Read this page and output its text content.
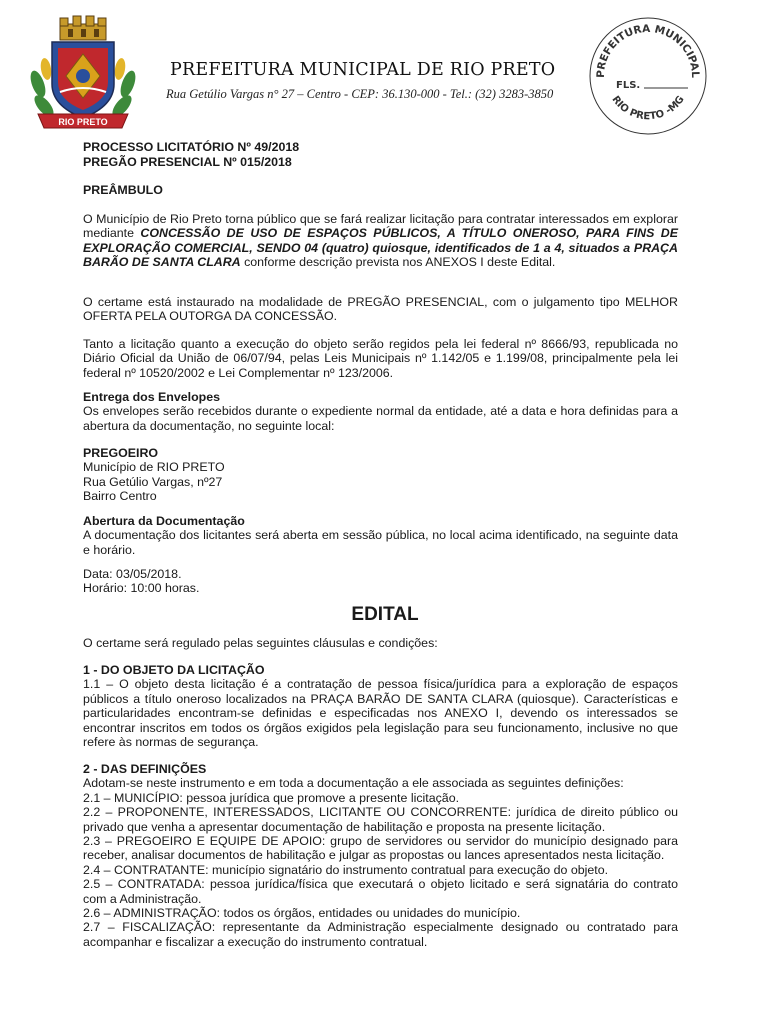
RIO PRETO
PREFEITURA MUNICIPAL DE RIO PRETO
Rua Getúlio Vargas n° 27 – Centro - CEP: 36.130-000 - Tel.: (32) 3283-3850
PREFEITURA MUNICIPAL
FLS.
RIO PRETO -MG
PROCESSO LICITATÓRIO Nº 49/2018
PREGÃO PRESENCIAL Nº 015/2018
PREÂMBULO

O Município de Rio Preto torna público que se fará realizar licitação para contratar interessados em explorar mediante CONCESSÃO DE USO DE ESPAÇOS PÚBLICOS, A TÍTULO ONEROSO, PARA FINS DE EXPLORAÇÃO COMERCIAL, SENDO 04 (quatro) quiosque, identificados de 1 a 4, situados a PRAÇA BARÃO DE SANTA CLARA conforme descrição prevista nos ANEXOS I deste Edital.

O certame está instaurado na modalidade de PREGÃO PRESENCIAL, com o julgamento tipo MELHOR OFERTA PELA OUTORGA DA CONCESSÃO.

Tanto a licitação quanto a execução do objeto serão regidos pela lei federal nº 8666/93, republicada no Diário Oficial da União de 06/07/94, pelas Leis Municipais nº 1.142/05 e 1.199/08, principalmente pela lei federal nº 10520/2002 e Lei Complementar nº 123/2006.

Entrega dos Envelopes
Os envelopes serão recebidos durante o expediente normal da entidade, até a data e hora definidas para a abertura da documentação, no seguinte local:

PREGOEIRO
Município de RIO PRETO
Rua Getúlio Vargas, nº27
Bairro Centro

Abertura da Documentação
A documentação dos licitantes será aberta em sessão pública, no local acima identificado, na seguinte data e horário.

Data: 03/05/2018.
Horário: 10:00 horas.

EDITAL

O certame será regulado pelas seguintes cláusulas e condições:

1 - DO OBJETO DA LICITAÇÃO
1.1 – O objeto desta licitação é a contratação de pessoa física/jurídica para a exploração de espaços públicos a título oneroso localizados na PRAÇA BARÃO DE SANTA CLARA (quiosque). Características e particularidades encontram-se definidas e especificadas nos ANEXO I, devendo os interessados se encontrar inscritos em todos os órgãos exigidos pela legislação para seu funcionamento, inclusive no que refere às normas de segurança.

2 - DAS DEFINIÇÕES
Adotam-se neste instrumento e em toda a documentação a ele associada as seguintes definições:
2.1 – MUNICÍPIO: pessoa jurídica que promove a presente licitação.
2.2 – PROPONENTE, INTERESSADOS, LICITANTE OU CONCORRENTE: jurídica de direito público ou privado que venha a apresentar documentação de habilitação e proposta na presente licitação.
2.3 – PREGOEIRO E EQUIPE DE APOIO: grupo de servidores ou servidor do município designado para receber, analisar documentos de habilitação e julgar as propostas ou lances apresentados nesta licitação.
2.4 – CONTRATANTE: município signatário do instrumento contratual para execução do objeto.
2.5 – CONTRATADA: pessoa jurídica/física que executará o objeto licitado e será signatária do contrato com a Administração.
2.6 – ADMINISTRAÇÃO: todos os órgãos, entidades ou unidades do município.
2.7 – FISCALIZAÇÃO: representante da Administração especialmente designado ou contratado para acompanhar e fiscalizar a execução do instrumento contratual.
